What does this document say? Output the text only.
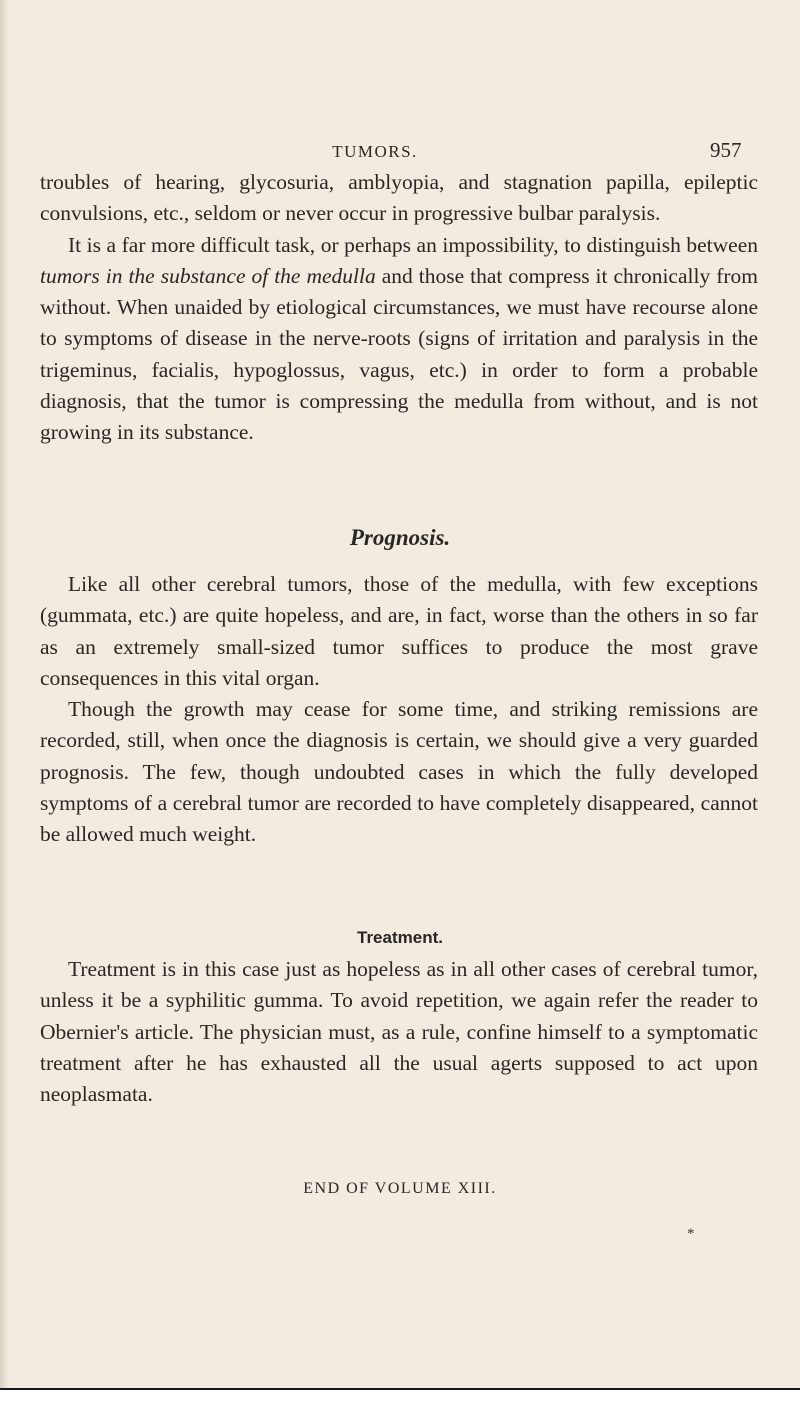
TUMORS.	957

troubles of hearing, glycosuria, amblyopia, and stagnation papilla, epileptic convulsions, etc., seldom or never occur in progressive bulbar paralysis.

It is a far more difficult task, or perhaps an impossibility, to distinguish between tumors in the substance of the medulla and those that compress it chronically from without. When unaided by etiological circumstances, we must have recourse alone to symptoms of disease in the nerve-roots (signs of irritation and paralysis in the trigeminus, facialis, hypoglossus, vagus, etc.) in order to form a probable diagnosis, that the tumor is compressing the medulla from without, and is not growing in its substance.

Prognosis.

Like all other cerebral tumors, those of the medulla, with few exceptions (gummata, etc.) are quite hopeless, and are, in fact, worse than the others in so far as an extremely small-sized tumor suffices to produce the most grave consequences in this vital organ.

Though the growth may cease for some time, and striking remissions are recorded, still, when once the diagnosis is certain, we should give a very guarded prognosis. The few, though undoubted cases in which the fully developed symptoms of a cerebral tumor are recorded to have completely disappeared, cannot be allowed much weight.

Treatment.

Treatment is in this case just as hopeless as in all other cases of cerebral tumor, unless it be a syphilitic gumma. To avoid repetition, we again refer the reader to Obernier's article. The physician must, as a rule, confine himself to a symptomatic treatment after he has exhausted all the usual agerts supposed to act upon neoplasmata.

END OF VOLUME XIII.
*
